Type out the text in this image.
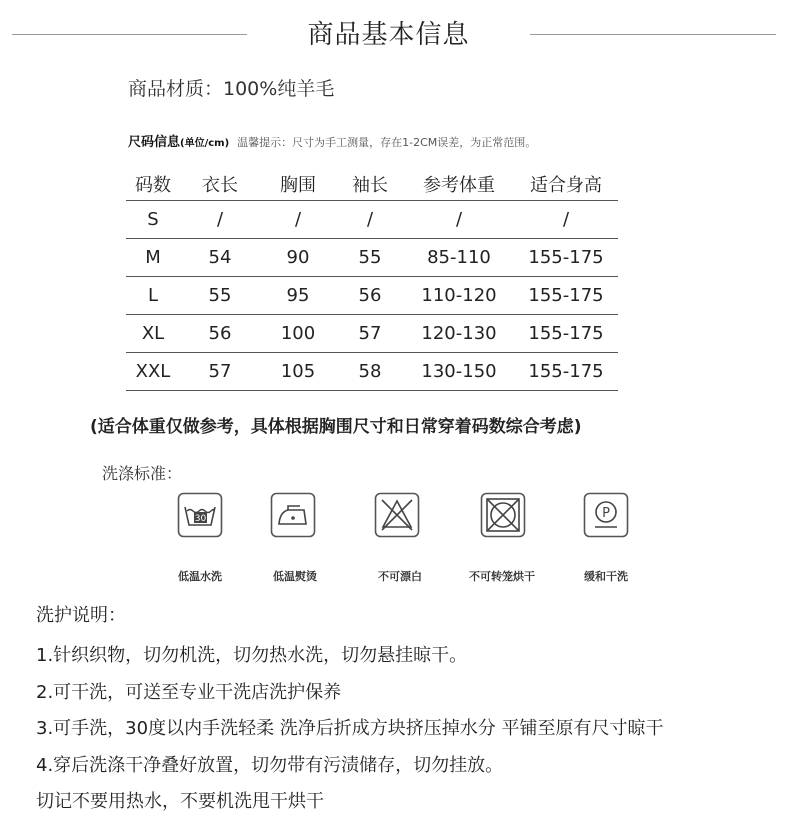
商品基本信息
商品材质：100%纯羊毛
尺码信息(单位/cm) 温馨提示：尺寸为手工测量，存在1-2CM误差，为正常范围。
码数	衣长	胸围	袖长	参考体重	适合身高
S	/	/	/	/	/
M	54	90	55	85-110	155-175
L	55	95	56	110-120	155-175
XL	56	100	57	120-130	155-175
XXL	57	105	58	130-150	155-175
(适合体重仅做参考，具体根据胸围尺寸和日常穿着码数综合考虑)
洗涤标准：
30	P
低温水洗	低温熨烫	不可漂白	不可转笼烘干	缓和干洗
洗护说明：
1.针织织物，切勿机洗，切勿热水洗，切勿悬挂晾干。
2.可干洗，可送至专业干洗店洗护保养
3.可手洗，30度以内手洗轻柔 洗净后折成方块挤压掉水分 平铺至原有尺寸晾干
4.穿后洗涤干净叠好放置，切勿带有污渍储存，切勿挂放。
切记不要用热水，不要机洗甩干烘干
